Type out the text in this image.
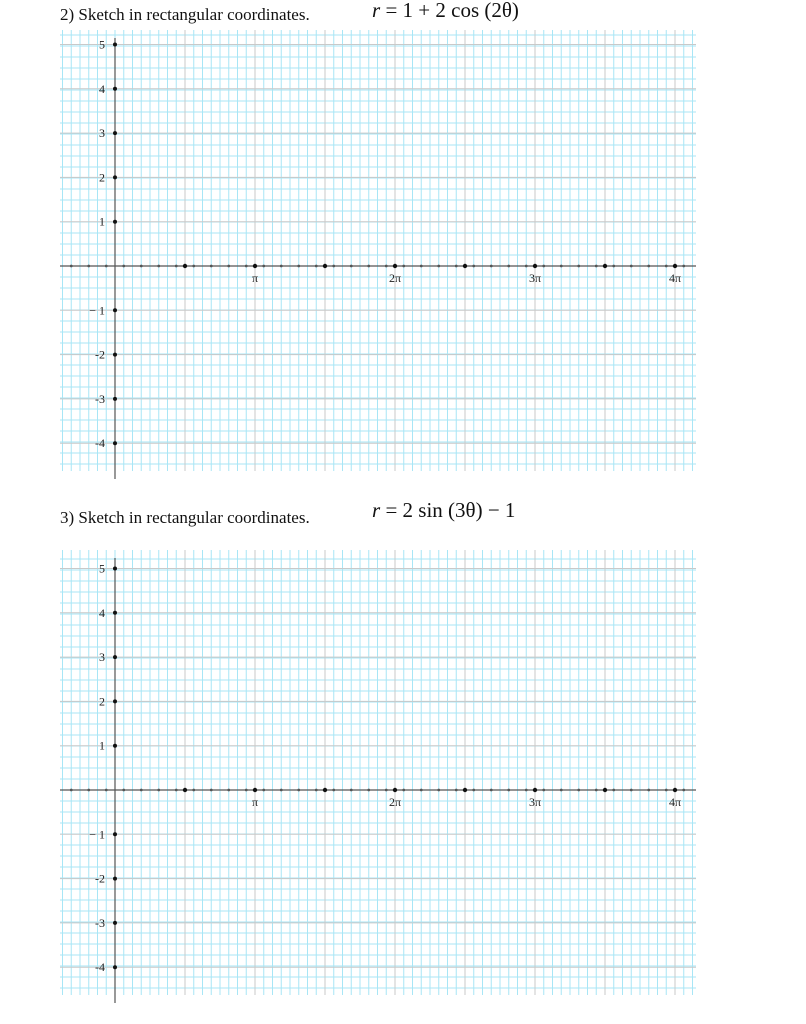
2) Sketch in rectangular coordinates.	r = 1 + 2 cos (2θ)
π	2π	3π	4π
5
4
3
2
1
− 1
-2
-3
-4
3) Sketch in rectangular coordinates.	r = 2 sin (3θ) − 1
π	2π	3π	4π
5
4
3
2
1
− 1
-2
-3
-4
